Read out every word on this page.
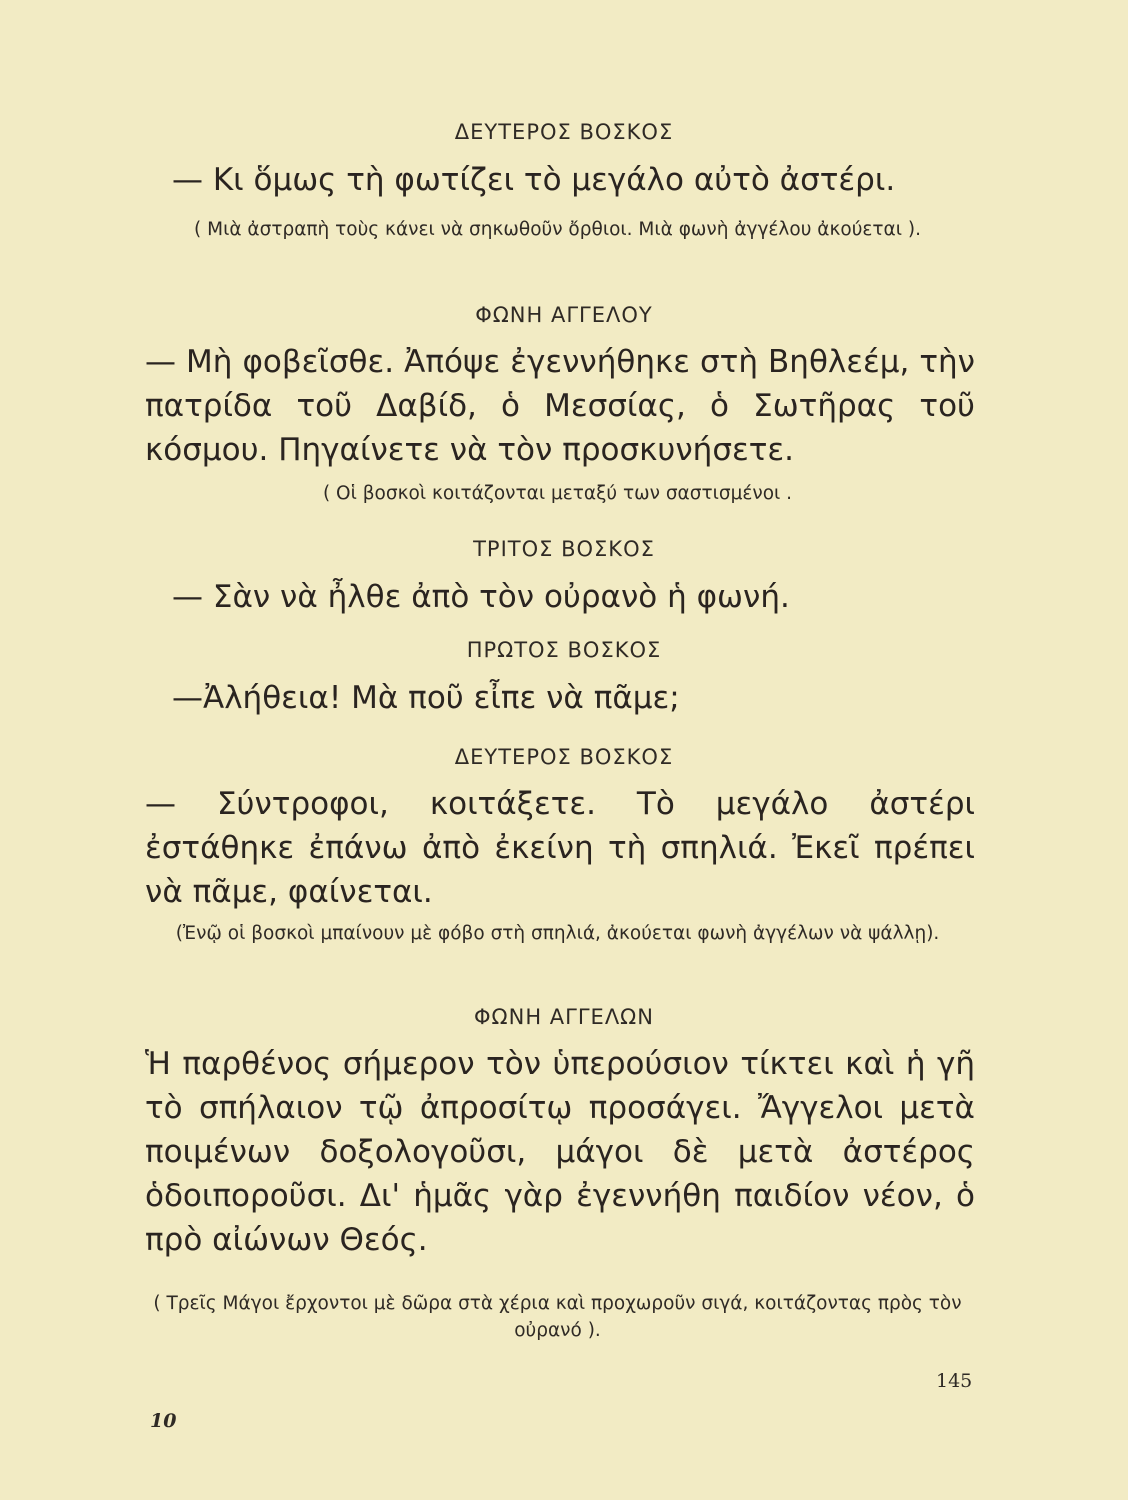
ΔΕΥΤΕΡΟΣ ΒΟΣΚΟΣ
— Κι ὅμως τὴ φωτίζει τὸ μεγάλο αὐτὸ ἀστέρι.
( Μιὰ ἀστραπὴ τοὺς κάνει νὰ σηκωθοῦν ὄρθιοι. Μιὰ φωνὴ ἀγγέλου ἀκούεται ).
ΦΩΝΗ ΑΓΓΕΛΟΥ
— Μὴ φοβεῖσθε. Ἀπόψε ἐγεννήθηκε στὴ Βηθλεέμ, τὴν πατρίδα τοῦ Δαβίδ, ὁ Μεσσίας, ὁ Σωτῆρας τοῦ κόσμου. Πηγαίνετε νὰ τὸν προσκυνήσετε.
( Οἱ βοσκοὶ κοιτάζονται μεταξύ των σαστισμένοι .
ΤΡΙΤΟΣ ΒΟΣΚΟΣ
— Σὰν νὰ ἦλθε ἀπὸ τὸν οὐρανὸ ἡ φωνή.
ΠΡΩΤΟΣ ΒΟΣΚΟΣ
—Ἀλήθεια! Μὰ ποῦ εἶπε νὰ πᾶμε;
ΔΕΥΤΕΡΟΣ ΒΟΣΚΟΣ
— Σύντροφοι, κοιτάξετε. Τὸ μεγάλο ἀστέρι ἐστάθηκε ἐπάνω ἀπὸ ἐκείνη τὴ σπηλιά. Ἐκεῖ πρέπει νὰ πᾶμε, φαίνεται.
(Ἐνῷ οἱ βοσκοὶ μπαίνουν μὲ φόβο στὴ σπηλιά, ἀκούεται φωνὴ ἀγγέλων νὰ ψάλλῃ).
ΦΩΝΗ ΑΓΓΕΛΩΝ
Ἡ παρθένος σήμερον τὸν ὑπερούσιον τίκτει καὶ ἡ γῆ τὸ σπήλαιον τῷ ἀπροσίτῳ προσάγει. Ἄγγελοι μετὰ ποιμένων δοξολογοῦσι, μάγοι δὲ μετὰ ἀστέρος ὁδοιποροῦσι. Δι' ἡμᾶς γὰρ ἐγεννήθη παιδίον νέον, ὁ πρὸ αἰώνων Θεός.
( Τρεῖς Μάγοι ἔρχοντοι μὲ δῶρα στὰ χέρια καὶ προχωροῦν σιγά, κοιτάζοντας πρὸς τὸν οὐρανό ).
145
10
